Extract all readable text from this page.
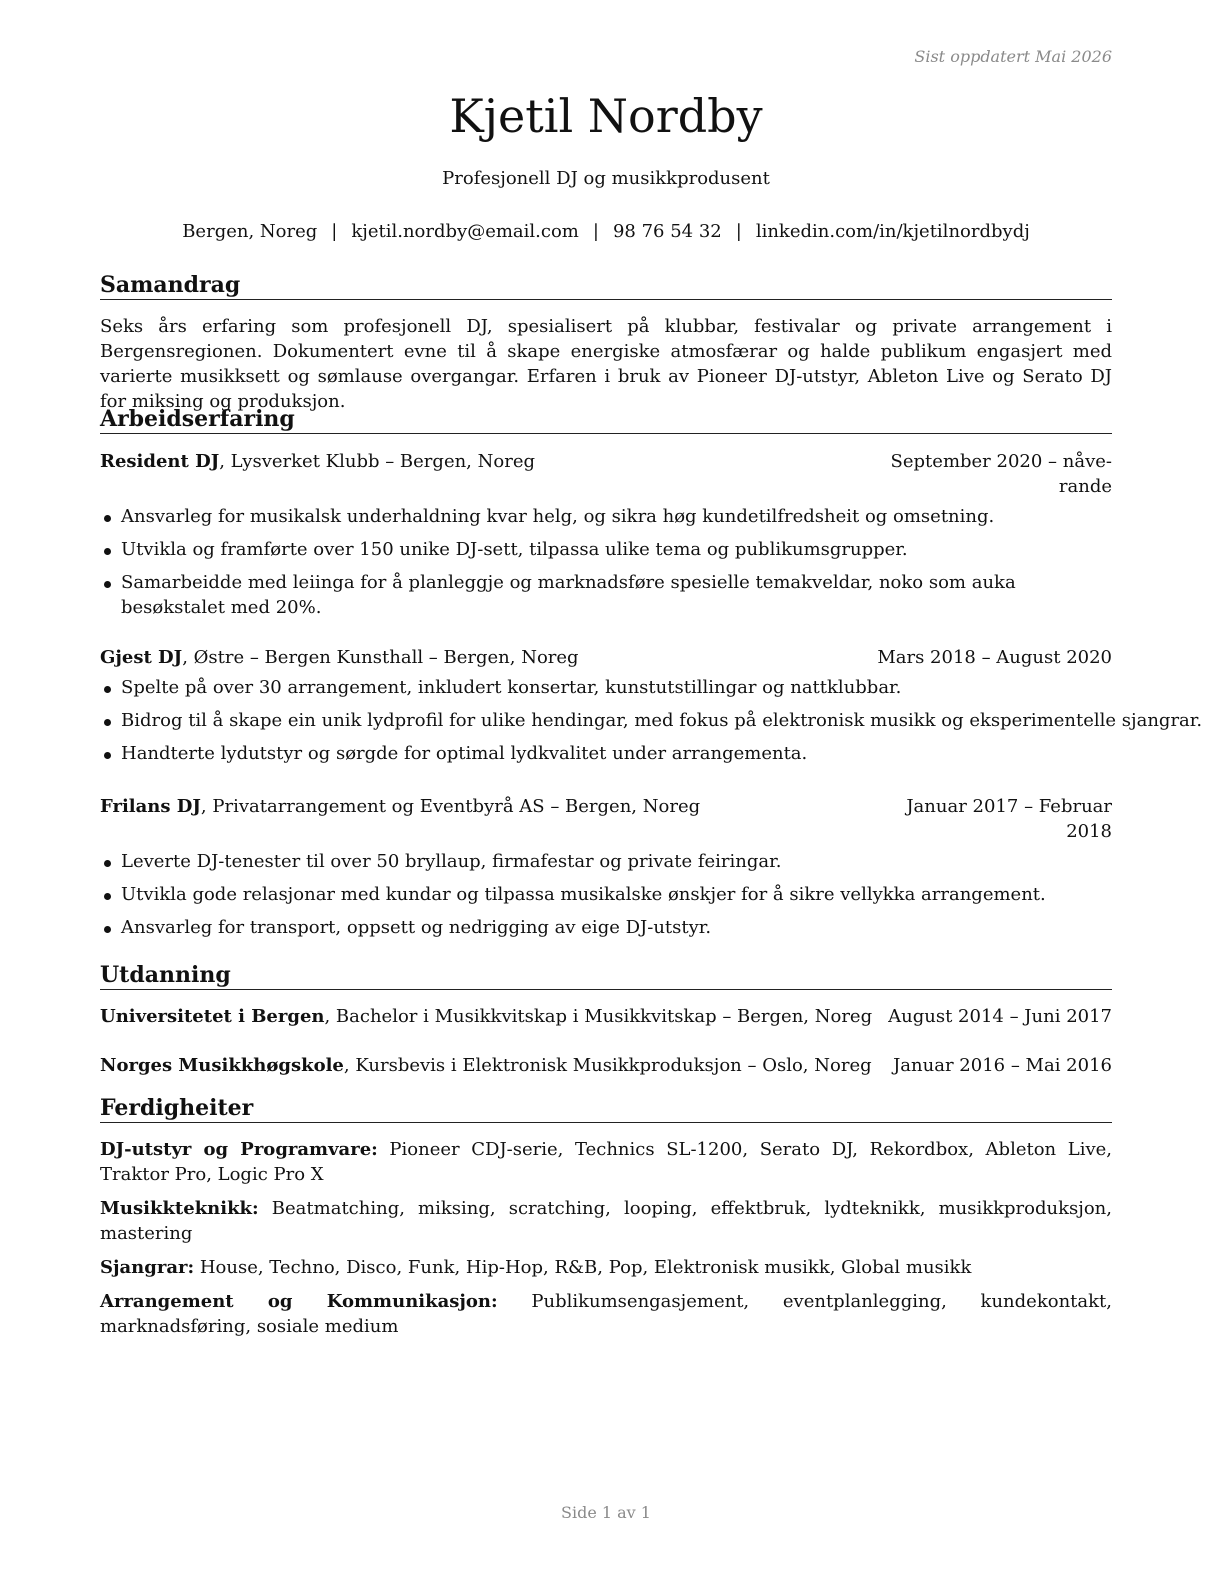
Sist oppdatert Mai 2026
Kjetil Nordby
Profesjonell DJ og musikkprodusent
Bergen, Noreg | kjetil.nordby@email.com | 98 76 54 32 | linkedin.com/in/kjetilnordbydj
Samandrag
Seks års erfaring som profesjonell DJ, spesialisert på klubbar, festivalar og private arrangement i Bergensregionen. Dokumentert evne til å skape energiske atmosfærar og halde publikum engasjert med varierte musikksett og sømlause overgangar. Erfaren i bruk av Pioneer DJ-utstyr, Ableton Live og Serato DJ for miksing og produksjon.
Arbeidserfaring
Resident DJ, Lysverket Klubb – Bergen, Noreg	September 2020 – nåverande
Ansvarleg for musikalsk underhaldning kvar helg, og sikra høg kundetilfredsheit og omsetning.
Utvikla og framførte over 150 unike DJ-sett, tilpassa ulike tema og publikumsgrupper.
Samarbeidde med leiinga for å planleggje og marknadsføre spesielle temakveldar, noko som auka besøkstalet med 20%.
Gjest DJ, Østre – Bergen Kunsthall – Bergen, Noreg	Mars 2018 – August 2020
Spelte på over 30 arrangement, inkludert konsertar, kunstutstillingar og nattklubbar.
Bidrog til å skape ein unik lydprofil for ulike hendingar, med fokus på elektronisk musikk og eksperimentelle sjangrar.
Handterte lydutstyr og sørgde for optimal lydkvalitet under arrangementa.
Frilans DJ, Privatarrangement og Eventbyrå AS – Bergen, Noreg	Januar 2017 – Februar 2018
Leverte DJ-tenester til over 50 bryllaup, firmafestar og private feiringar.
Utvikla gode relasjonar med kundar og tilpassa musikalske ønskjer for å sikre vellykka arrangement.
Ansvarleg for transport, oppsett og nedrigging av eige DJ-utstyr.
Utdanning
Universitetet i Bergen, Bachelor i Musikkvitskap i Musikkvitskap – Bergen, Noreg August 2014 – Juni 2017
Norges Musikkhøgskole, Kursbevis i Elektronisk Musikkproduksjon – Oslo, Noreg Januar 2016 – Mai 2016
Ferdigheiter
DJ-utstyr og Programvare: Pioneer CDJ-serie, Technics SL-1200, Serato DJ, Rekordbox, Ableton Live, Traktor Pro, Logic Pro X
Musikkteknikk: Beatmatching, miksing, scratching, looping, effektbruk, lydteknikk, musikkproduksjon, mastering
Sjangrar: House, Techno, Disco, Funk, Hip-Hop, R&B, Pop, Elektronisk musikk, Global musikk
Arrangement og Kommunikasjon: Publikumsengasjement, eventplanlegging, kundekontakt, marknadsføring, sosiale medium
Side 1 av 1
